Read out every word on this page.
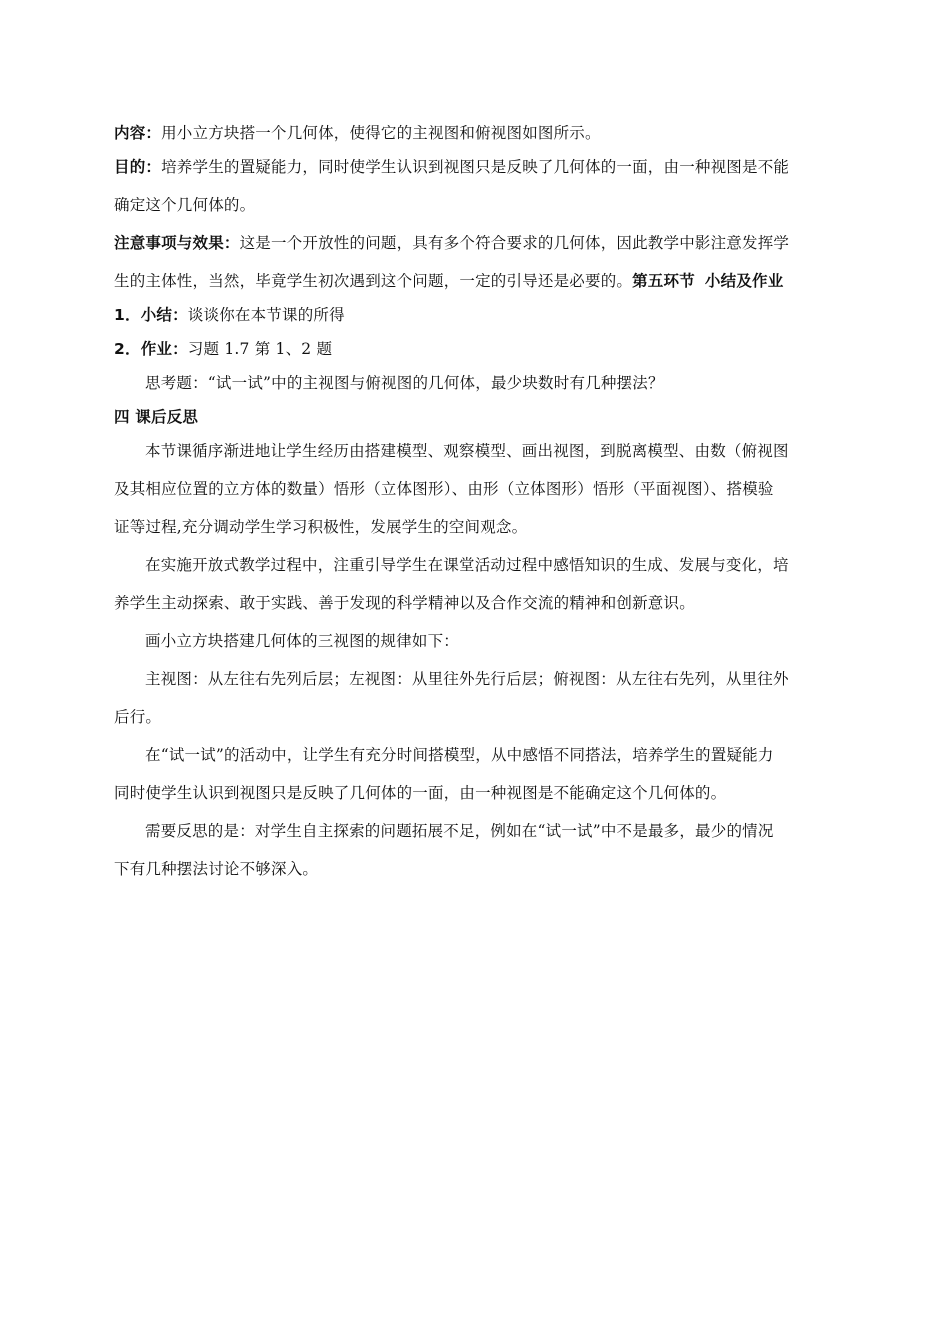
内容：用小立方块搭一个几何体，使得它的主视图和俯视图如图所示。

目的：培养学生的置疑能力，同时使学生认识到视图只是反映了几何体的一面，由一种视图是不能

确定这个几何体的。

注意事项与效果：这是一个开放性的问题，具有多个符合要求的几何体，因此教学中影注意发挥学

生的主体性，当然，毕竟学生初次遇到这个问题，一定的引导还是必要的。第五环节 小结及作业

1．小结：谈谈你在本节课的所得

2．作业：习题 1.7 第 1、2 题

思考题：“试一试”中的主视图与俯视图的几何体，最少块数时有几种摆法？

四 课后反思

本节课循序渐进地让学生经历由搭建模型、观察模型、画出视图，到脱离模型、由数（俯视图

及其相应位置的立方体的数量）悟形（立体图形）、由形（立体图形）悟形（平面视图）、搭模验

证等过程,充分调动学生学习积极性，发展学生的空间观念。

在实施开放式教学过程中，注重引导学生在课堂活动过程中感悟知识的生成、发展与变化，培

养学生主动探索、敢于实践、善于发现的科学精神以及合作交流的精神和创新意识。

画小立方块搭建几何体的三视图的规律如下：

主视图：从左往右先列后层；左视图：从里往外先行后层；俯视图：从左往右先列，从里往外

后行。

在“试一试”的活动中，让学生有充分时间搭模型，从中感悟不同搭法，培养学生的置疑能力

同时使学生认识到视图只是反映了几何体的一面，由一种视图是不能确定这个几何体的。

需要反思的是：对学生自主探索的问题拓展不足，例如在“试一试”中不是最多，最少的情况

下有几种摆法讨论不够深入。
